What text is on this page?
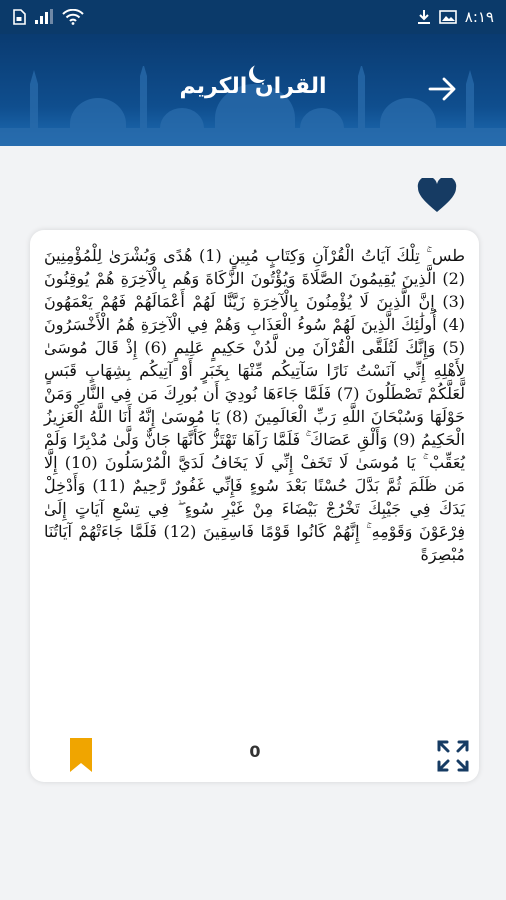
٨:١٩
القران الكريم
طس ۚ تِلْكَ آيَاتُ الْقُرْآنِ وَكِتَابٍ مُبِينٍ (1) هُدًى وَبُشْرَىٰ لِلْمُؤْمِنِينَ (2) الَّذِينَ يُقِيمُونَ الصَّلَاةَ وَيُؤْتُونَ الزَّكَاةَ وَهُم بِالْآخِرَةِ هُمْ يُوقِنُونَ (3) إِنَّ الَّذِينَ لَا يُؤْمِنُونَ بِالْآخِرَةِ زَيَّنَّا لَهُمْ أَعْمَالَهُمْ فَهُمْ يَعْمَهُونَ (4) أُولَٰئِكَ الَّذِينَ لَهُمْ سُوءُ الْعَذَابِ وَهُمْ فِي الْآخِرَةِ هُمُ الْأَخْسَرُونَ (5) وَإِنَّكَ لَتُلَقَّى الْقُرْآنَ مِن لَّدُنْ حَكِيمٍ عَلِيمٍ (6) إِذْ قَالَ مُوسَىٰ لِأَهْلِهِ إِنِّي آنَسْتُ نَارًا سَآتِيكُم مِّنْهَا بِخَبَرٍ أَوْ آتِيكُم بِشِهَابٍ قَبَسٍ لَّعَلَّكُمْ تَصْطَلُونَ (7) فَلَمَّا جَاءَهَا نُودِيَ أَن بُورِكَ مَن فِي النَّارِ وَمَنْ حَوْلَهَا وَسُبْحَانَ اللَّهِ رَبِّ الْعَالَمِينَ (8) يَا مُوسَىٰ إِنَّهُ أَنَا اللَّهُ الْعَزِيزُ الْحَكِيمُ (9) وَأَلْقِ عَصَاكَ ۚ فَلَمَّا رَآهَا تَهْتَزُّ كَأَنَّهَا جَانٌّ وَلَّىٰ مُدْبِرًا وَلَمْ يُعَقِّبْ ۚ يَا مُوسَىٰ لَا تَخَفْ إِنِّي لَا يَخَافُ لَدَيَّ الْمُرْسَلُونَ (10) إِلَّا مَن ظَلَمَ ثُمَّ بَدَّلَ حُسْنًا بَعْدَ سُوءٍ فَإِنِّي غَفُورٌ رَّحِيمٌ (11) وَأَدْخِلْ يَدَكَ فِي جَيْبِكَ تَخْرُجْ بَيْضَاءَ مِنْ غَيْرِ سُوءٍ ۖ فِي تِسْعِ آيَاتٍ إِلَىٰ فِرْعَوْنَ وَقَوْمِهِ ۚ إِنَّهُمْ كَانُوا قَوْمًا فَاسِقِينَ (12) فَلَمَّا جَاءَتْهُمْ آيَاتُنَا مُبْصِرَةً
0
